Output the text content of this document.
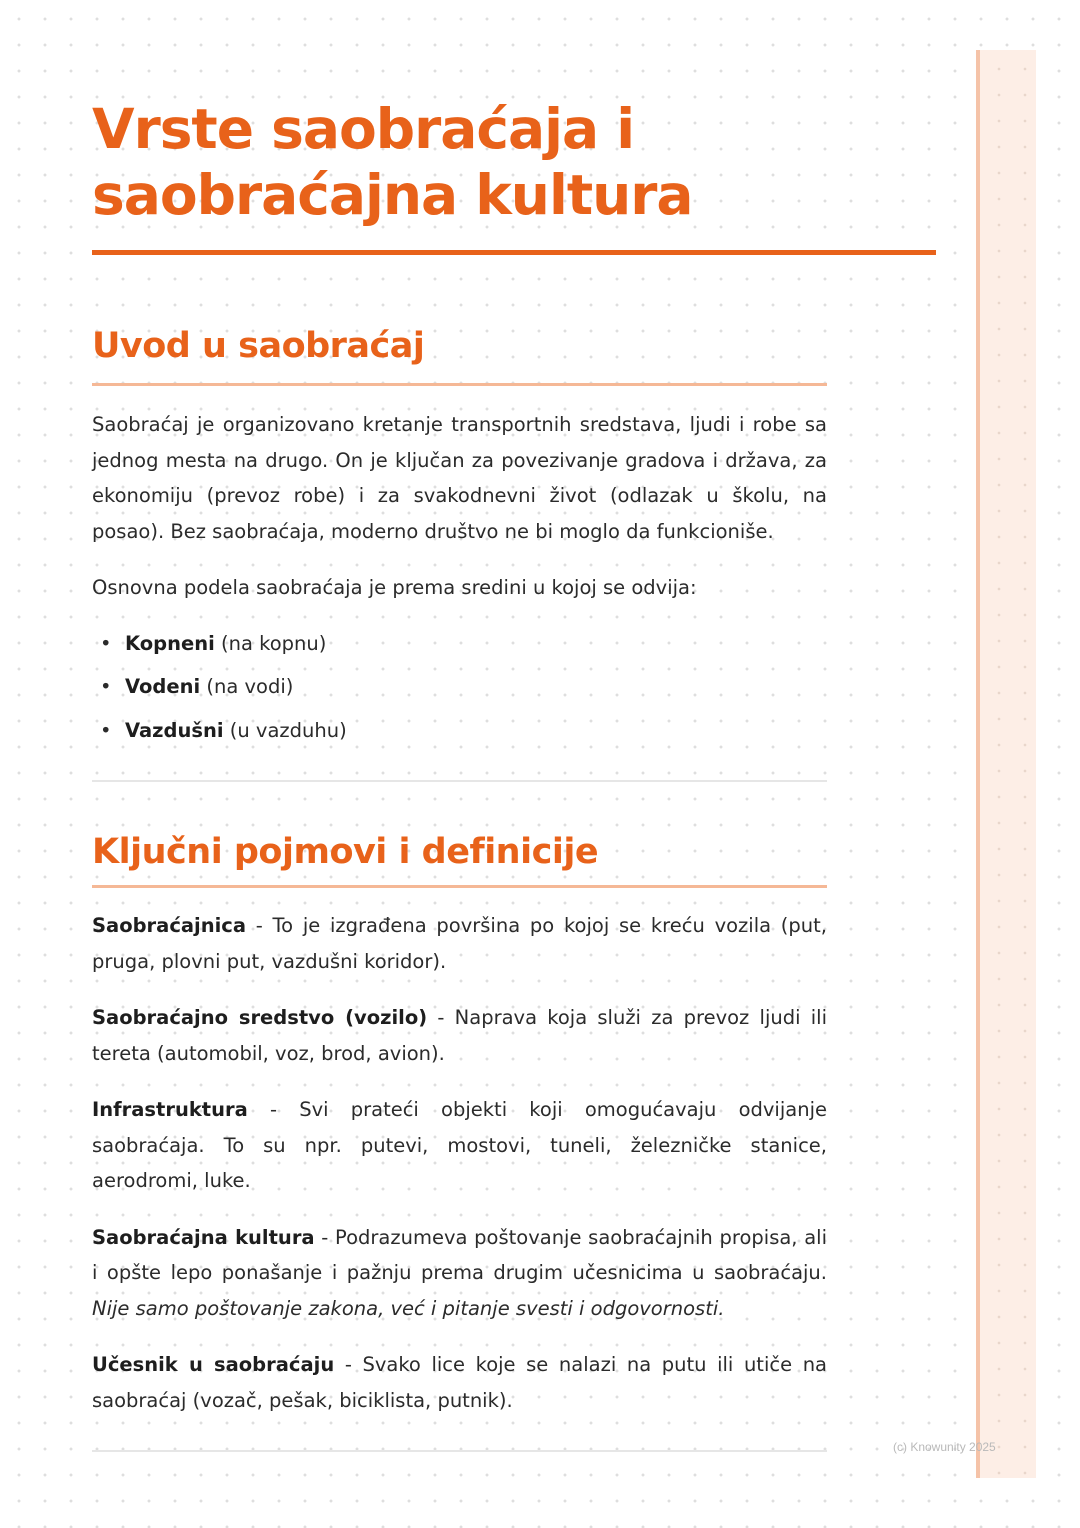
Vrste saobraćaja i
saobraćajna kultura
Uvod u saobraćaj

Saobraćaj je organizovano kretanje transportnih sredstava, ljudi i robe sa jednog mesta na drugo. On je ključan za povezivanje gradova i država, za ekonomiju (prevoz robe) i za svakodnevni život (odlazak u školu, na posao). Bez saobraćaja, moderno društvo ne bi moglo da funkcioniše.

Osnovna podela saobraćaja je prema sredini u kojoj se odvija:

• Kopneni (na kopnu)
• Vodeni (na vodi)
• Vazdušni (u vazduhu)
Ključni pojmovi i definicije

Saobraćajnica - To je izgrađena površina po kojoj se kreću vozila (put, pruga, plovni put, vazdušni koridor).

Saobraćajno sredstvo (vozilo) - Naprava koja služi za prevoz ljudi ili tereta (automobil, voz, brod, avion).

Infrastruktura - Svi prateći objekti koji omogućavaju odvijanje saobraćaja. To su npr. putevi, mostovi, tuneli, železničke stanice, aerodromi, luke.

Saobraćajna kultura - Podrazumeva poštovanje saobraćajnih propisa, ali i opšte lepo ponašanje i pažnju prema drugim učesnicima u saobraćaju. Nije samo poštovanje zakona, već i pitanje svesti i odgovornosti.

Učesnik u saobraćaju - Svako lice koje se nalazi na putu ili utiče na saobraćaj (vozač, pešak, biciklista, putnik).

(c) Knowunity 2025
